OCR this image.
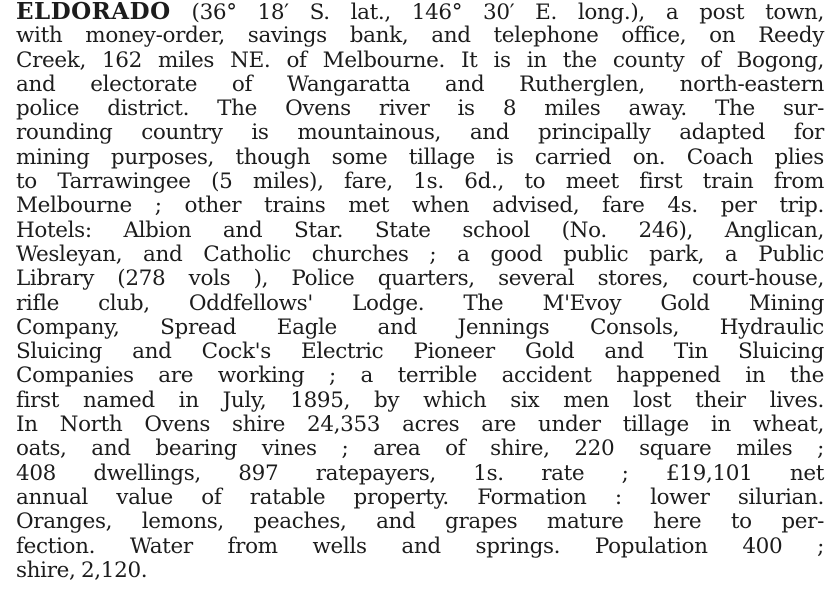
ELDORADO (36° 18′ S. lat., 146° 30′ E. long.), a post town,
with money-order, savings bank, and telephone office, on Reedy
Creek, 162 miles NE. of Melbourne. It is in the county of Bogong,
and electorate of Wangaratta and Rutherglen, north-eastern
police district. The Ovens river is 8 miles away. The sur-
rounding country is mountainous, and principally adapted for
mining purposes, though some tillage is carried on. Coach plies
to Tarrawingee (5 miles), fare, 1s. 6d., to meet first train from
Melbourne ; other trains met when advised, fare 4s. per trip.
Hotels: Albion and Star. State school (No. 246), Anglican,
Wesleyan, and Catholic churches ; a good public park, a Public
Library (278 vols ), Police quarters, several stores, court-house,
rifle club, Oddfellows' Lodge. The M'Evoy Gold Mining
Company, Spread Eagle and Jennings Consols, Hydraulic
Sluicing and Cock's Electric Pioneer Gold and Tin Sluicing
Companies are working ; a terrible accident happened in the
first named in July, 1895, by which six men lost their lives.
In North Ovens shire 24,353 acres are under tillage in wheat,
oats, and bearing vines ; area of shire, 220 square miles ;
408 dwellings, 897 ratepayers, 1s. rate ; £19,101 net
annual value of ratable property. Formation : lower silurian.
Oranges, lemons, peaches, and grapes mature here to per-
fection. Water from wells and springs. Population 400 ;
shire, 2,120.
